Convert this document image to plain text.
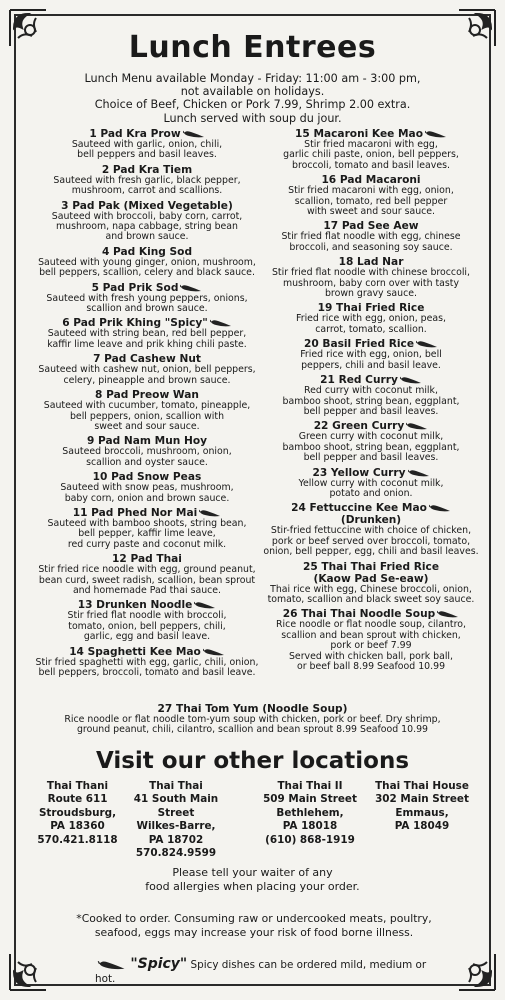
Lunch Entrees
Lunch Menu available Monday - Friday: 11:00 am - 3:00 pm,
not available on holidays.
Choice of Beef, Chicken or Pork 7.99, Shrimp 2.00 extra.
Lunch served with soup du jour.
1 Pad Kra Prow
Sauteed with garlic, onion, chili,
bell peppers and basil leaves.
2 Pad Kra Tiem
Sauteed with fresh garlic, black pepper,
mushroom, carrot and scallions.
3 Pad Pak (Mixed Vegetable)
Sauteed with broccoli, baby corn, carrot,
mushroom, napa cabbage, string bean
and brown sauce.
4 Pad King Sod
Sauteed with young ginger, onion, mushroom,
bell peppers, scallion, celery and black sauce.
5 Pad Prik Sod
Sauteed with fresh young peppers, onions,
scallion and brown sauce.
6 Pad Prik Khing "Spicy"
Sauteed with string bean, red bell pepper,
kaffir lime leave and prik khing chili paste.
7 Pad Cashew Nut
Sauteed with cashew nut, onion, bell peppers,
celery, pineapple and brown sauce.
8 Pad Preow Wan
Sauteed with cucumber, tomato, pineapple,
bell peppers, onion, scallion with
sweet and sour sauce.
9 Pad Nam Mun Hoy
Sauteed broccoli, mushroom, onion,
scallion and oyster sauce.
10 Pad Snow Peas
Sauteed with snow peas, mushroom,
baby corn, onion and brown sauce.
11 Pad Phed Nor Mai
Sauteed with bamboo shoots, string bean,
bell pepper, kaffir lime leave,
red curry paste and coconut milk.
12 Pad Thai
Stir fried rice noodle with egg, ground peanut,
bean curd, sweet radish, scallion, bean sprout
and homemade Pad thai sauce.
13 Drunken Noodle
Stir fried flat noodle with broccoli,
tomato, onion, bell peppers, chili,
garlic, egg and basil leave.
14 Spaghetti Kee Mao
Stir fried spaghetti with egg, garlic, chili, onion,
bell peppers, broccoli, tomato and basil leave.
15 Macaroni Kee Mao
Stir fried macaroni with egg,
garlic chili paste, onion, bell peppers,
broccoli, tomato and basil leaves.
16 Pad Macaroni
Stir fried macaroni with egg, onion,
scallion, tomato, red bell pepper
with sweet and sour sauce.
17 Pad See Aew
Stir fried flat noodle with egg, chinese
broccoli, and seasoning soy sauce.
18 Lad Nar
Stir fried flat noodle with chinese broccoli,
mushroom, baby corn over with tasty
brown gravy sauce.
19 Thai Fried Rice
Fried rice with egg, onion, peas,
carrot, tomato, scallion.
20 Basil Fried Rice
Fried rice with egg, onion, bell
peppers, chili and basil leave.
21 Red Curry
Red curry with coconut milk,
bamboo shoot, string bean, eggplant,
bell pepper and basil leaves.
22 Green Curry
Green curry with coconut milk,
bamboo shoot, string bean, eggplant,
bell pepper and basil leaves.
23 Yellow Curry
Yellow curry with coconut milk,
potato and onion.
24 Fettuccine Kee Mao
(Drunken)
Stir-fried fettuccine with choice of chicken,
pork or beef served over broccoli, tomato,
onion, bell pepper, egg, chili and basil leaves.
25 Thai Thai Fried Rice
(Kaow Pad Se-eaw)
Thai rice with egg, Chinese broccoli, onion,
tomato, scallion and black sweet soy sauce.
26 Thai Thai Noodle Soup
Rice noodle or flat noodle soup, cilantro,
scallion and bean sprout with chicken,
pork or beef 7.99
Served with chicken ball, pork ball,
or beef ball 8.99 Seafood 10.99
27 Thai Tom Yum (Noodle Soup)
Rice noodle or flat noodle tom-yum soup with chicken, pork or beef. Dry shrimp,
ground peanut, chili, cilantro, scallion and bean sprout 8.99 Seafood 10.99
Visit our other locations
Thai Thani
Route 611
Stroudsburg,
PA 18360
570.421.8118
Thai Thai
41 South Main Street
Wilkes-Barre,
PA 18702
570.824.9599
Thai Thai II
509 Main Street
Bethlehem,
PA 18018
(610) 868-1919
Thai Thai House
302 Main Street
Emmaus,
PA 18049
Please tell your waiter of any
food allergies when placing your order.
*Cooked to order. Consuming raw or undercooked meats, poultry,
seafood, eggs may increase your risk of food borne illness.
"Spicy" Spicy dishes can be ordered mild, medium or hot.
